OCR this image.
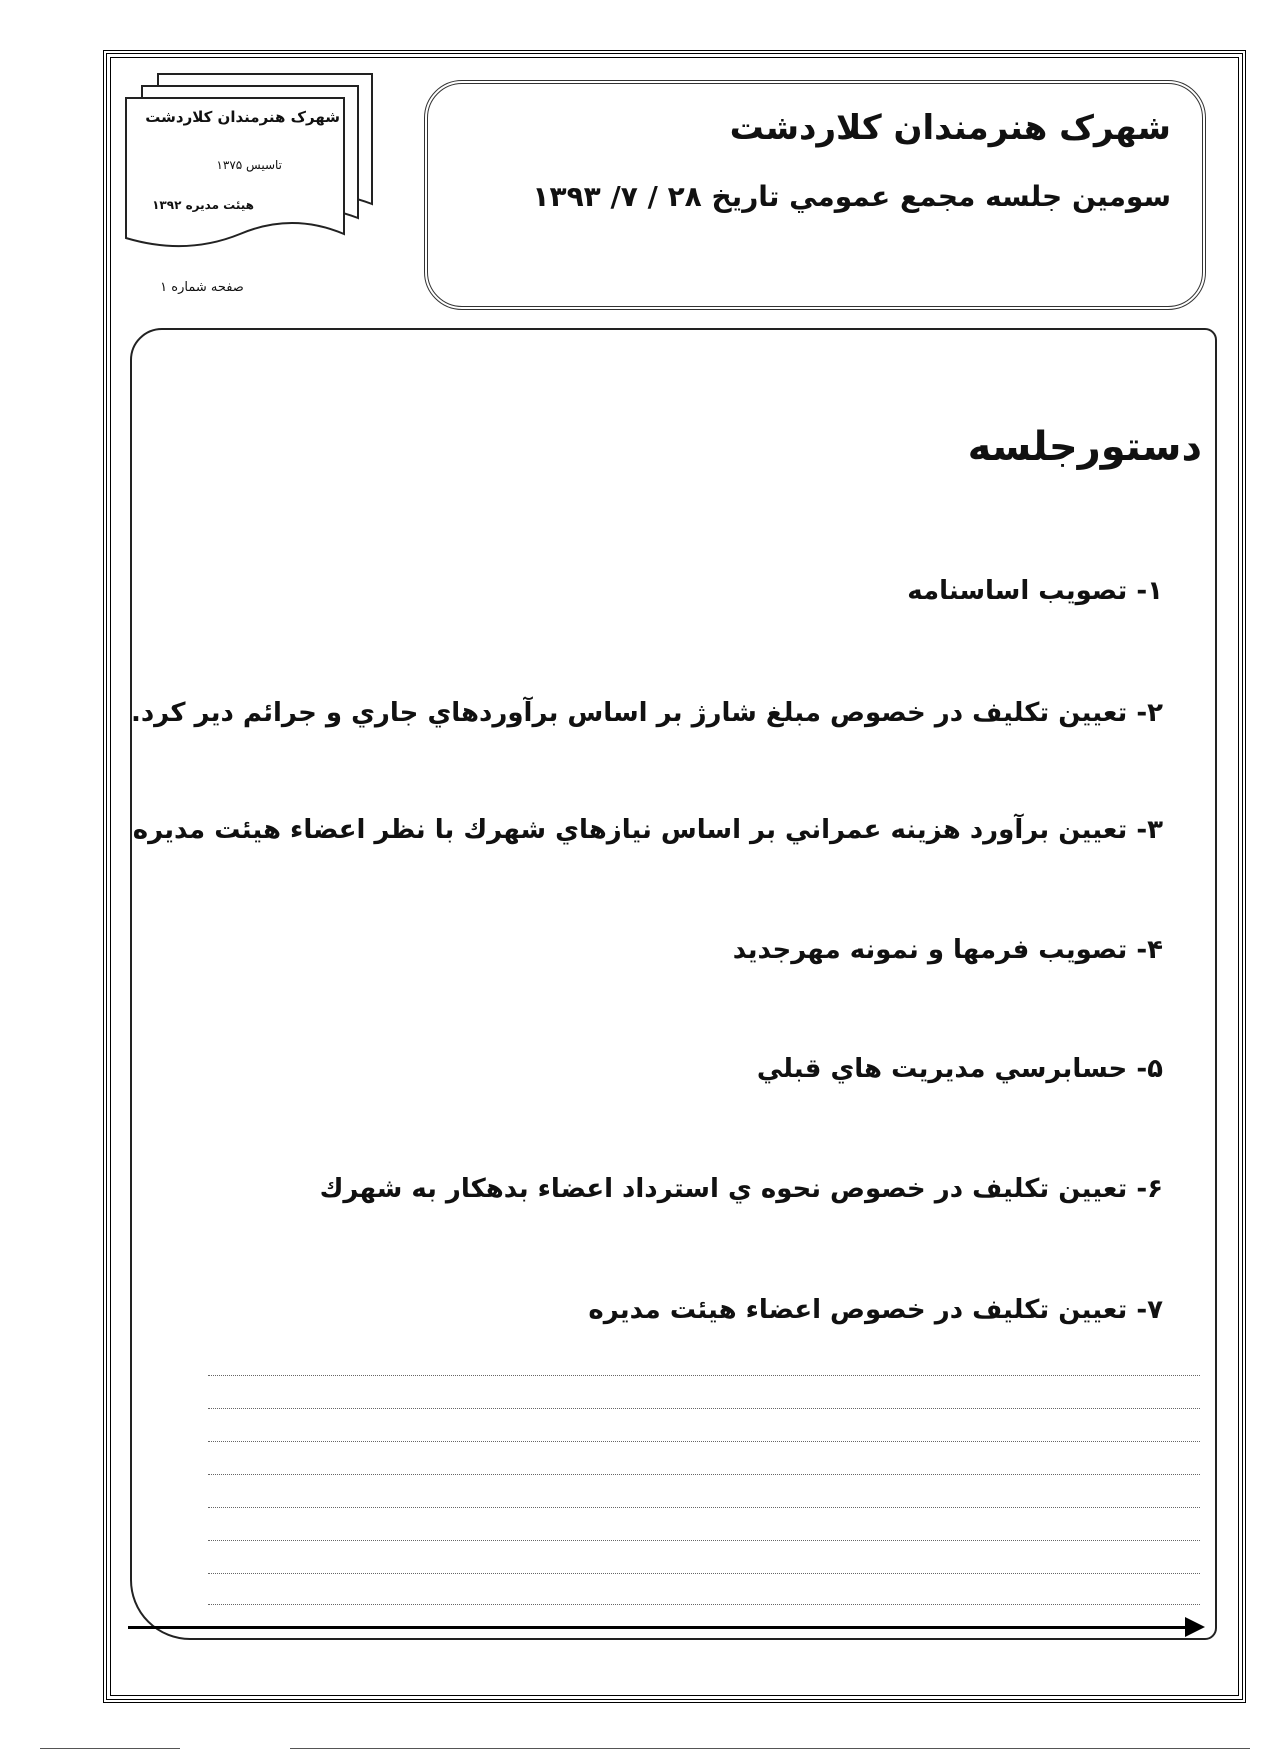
شهرک هنرمندان کلاردشت
تاسیس ۱۳۷۵
هیئت مدیره ۱۳۹۲
صفحه شماره ۱
شهرک هنرمندان کلاردشت
سومين جلسه مجمع عمومي تاريخ ۲۸ / ۷/ ۱۳۹۳
دستورجلسه
۱- تصويب اساسنامه
۲- تعيين تكليف در خصوص مبلغ شارژ بر اساس برآوردهاي جاري و جرائم دير كرد.
۳- تعيين برآورد هزينه عمراني بر اساس نيازهاي شهرك با نظر اعضاء هيئت مديره
۴- تصويب فرمها و نمونه مهرجديد
۵- حسابرسي مديريت هاي قبلي
۶- تعيين تكليف در خصوص نحوه ي استرداد اعضاء بدهكار به شهرك
۷- تعيين تكليف در خصوص اعضاء هيئت مديره
